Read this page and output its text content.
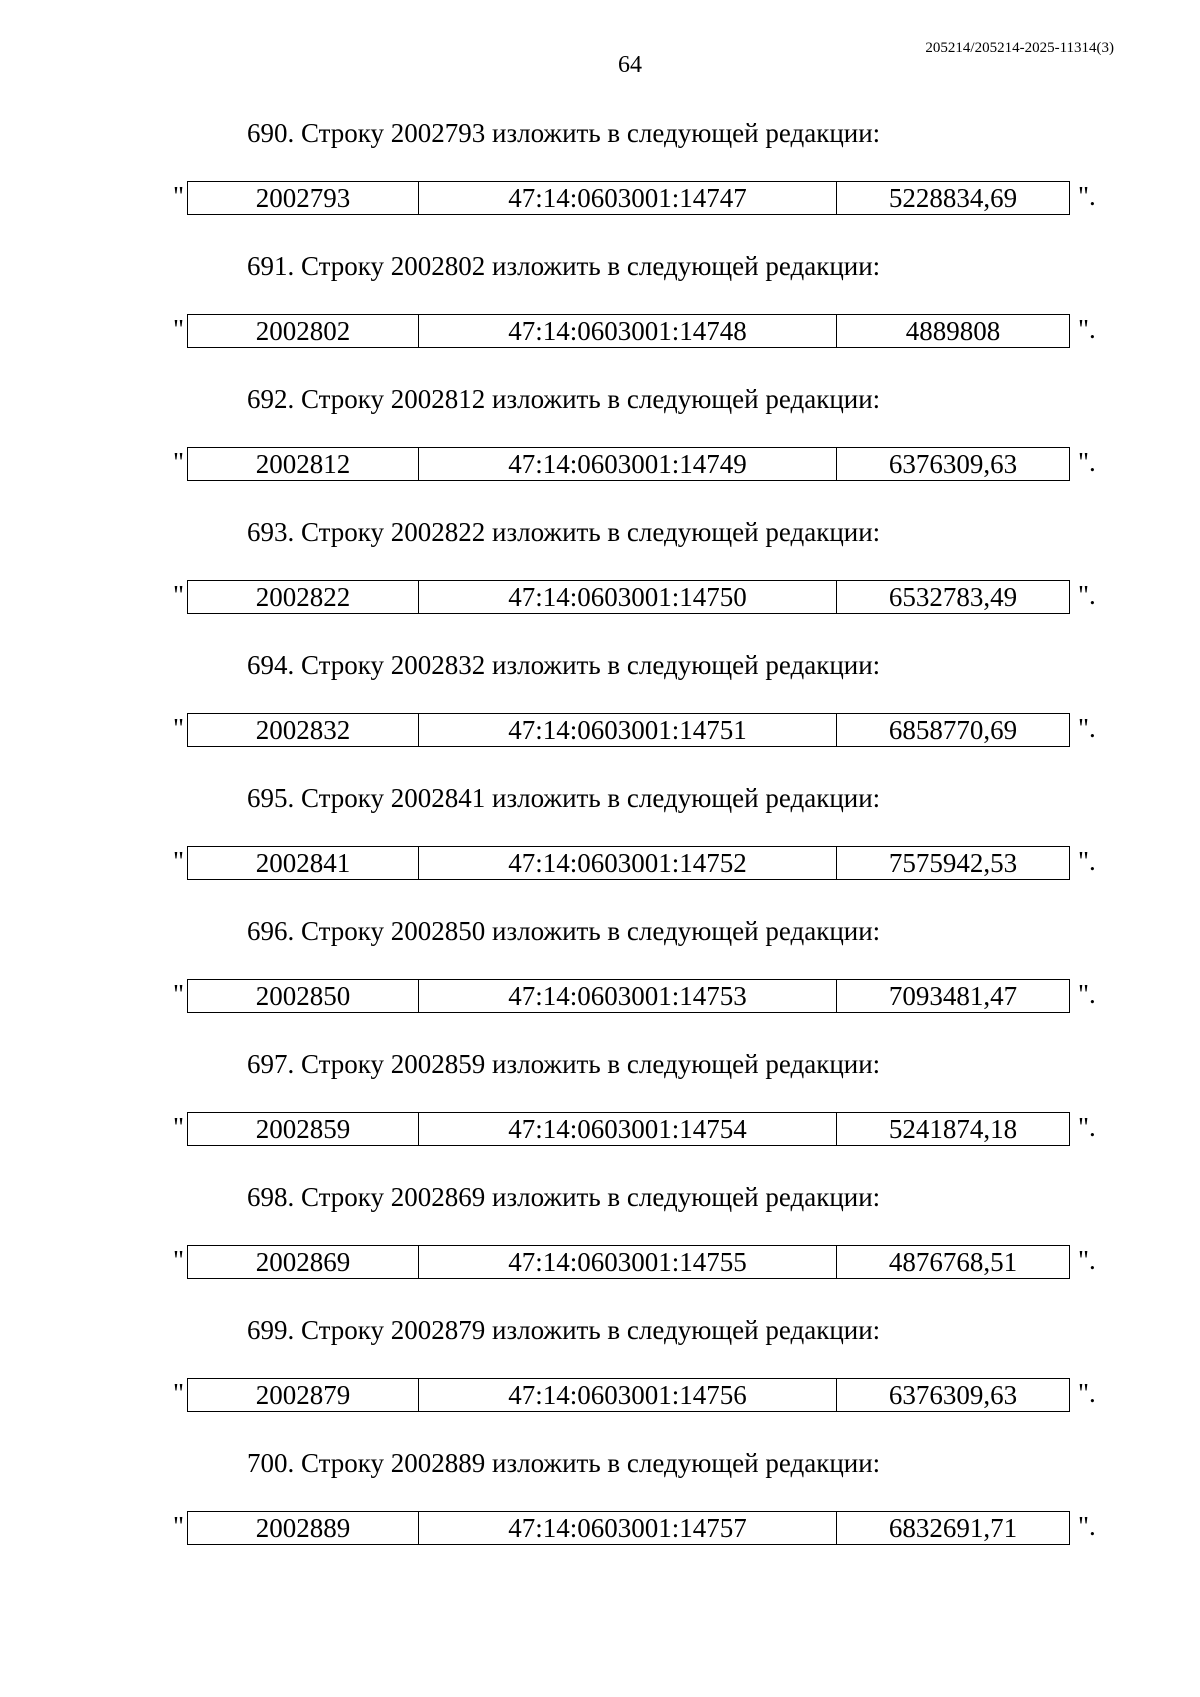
205214/205214-2025-11314(3)
64
690. Строку 2002793 изложить в следующей редакции:
"	2002793	47:14:0603001:14747	5228834,69 ".
691. Строку 2002802 изложить в следующей редакции:
"	2002802	47:14:0603001:14748	4889808	".
692. Строку 2002812 изложить в следующей редакции:
"	2002812	47:14:0603001:14749	6376309,63 ".
693. Строку 2002822 изложить в следующей редакции:
"	2002822	47:14:0603001:14750	6532783,49 ".
694. Строку 2002832 изложить в следующей редакции:
"	2002832	47:14:0603001:14751	6858770,69 ".
695. Строку 2002841 изложить в следующей редакции:
"	2002841	47:14:0603001:14752	7575942,53 ".
696. Строку 2002850 изложить в следующей редакции:
"	2002850	47:14:0603001:14753	7093481,47 ".
697. Строку 2002859 изложить в следующей редакции:
"	2002859	47:14:0603001:14754	5241874,18 ".
698. Строку 2002869 изложить в следующей редакции:
"	2002869	47:14:0603001:14755	4876768,51 ".
699. Строку 2002879 изложить в следующей редакции:
"	2002879	47:14:0603001:14756	6376309,63 ".
700. Строку 2002889 изложить в следующей редакции:
"	2002889	47:14:0603001:14757	6832691,71 ".
